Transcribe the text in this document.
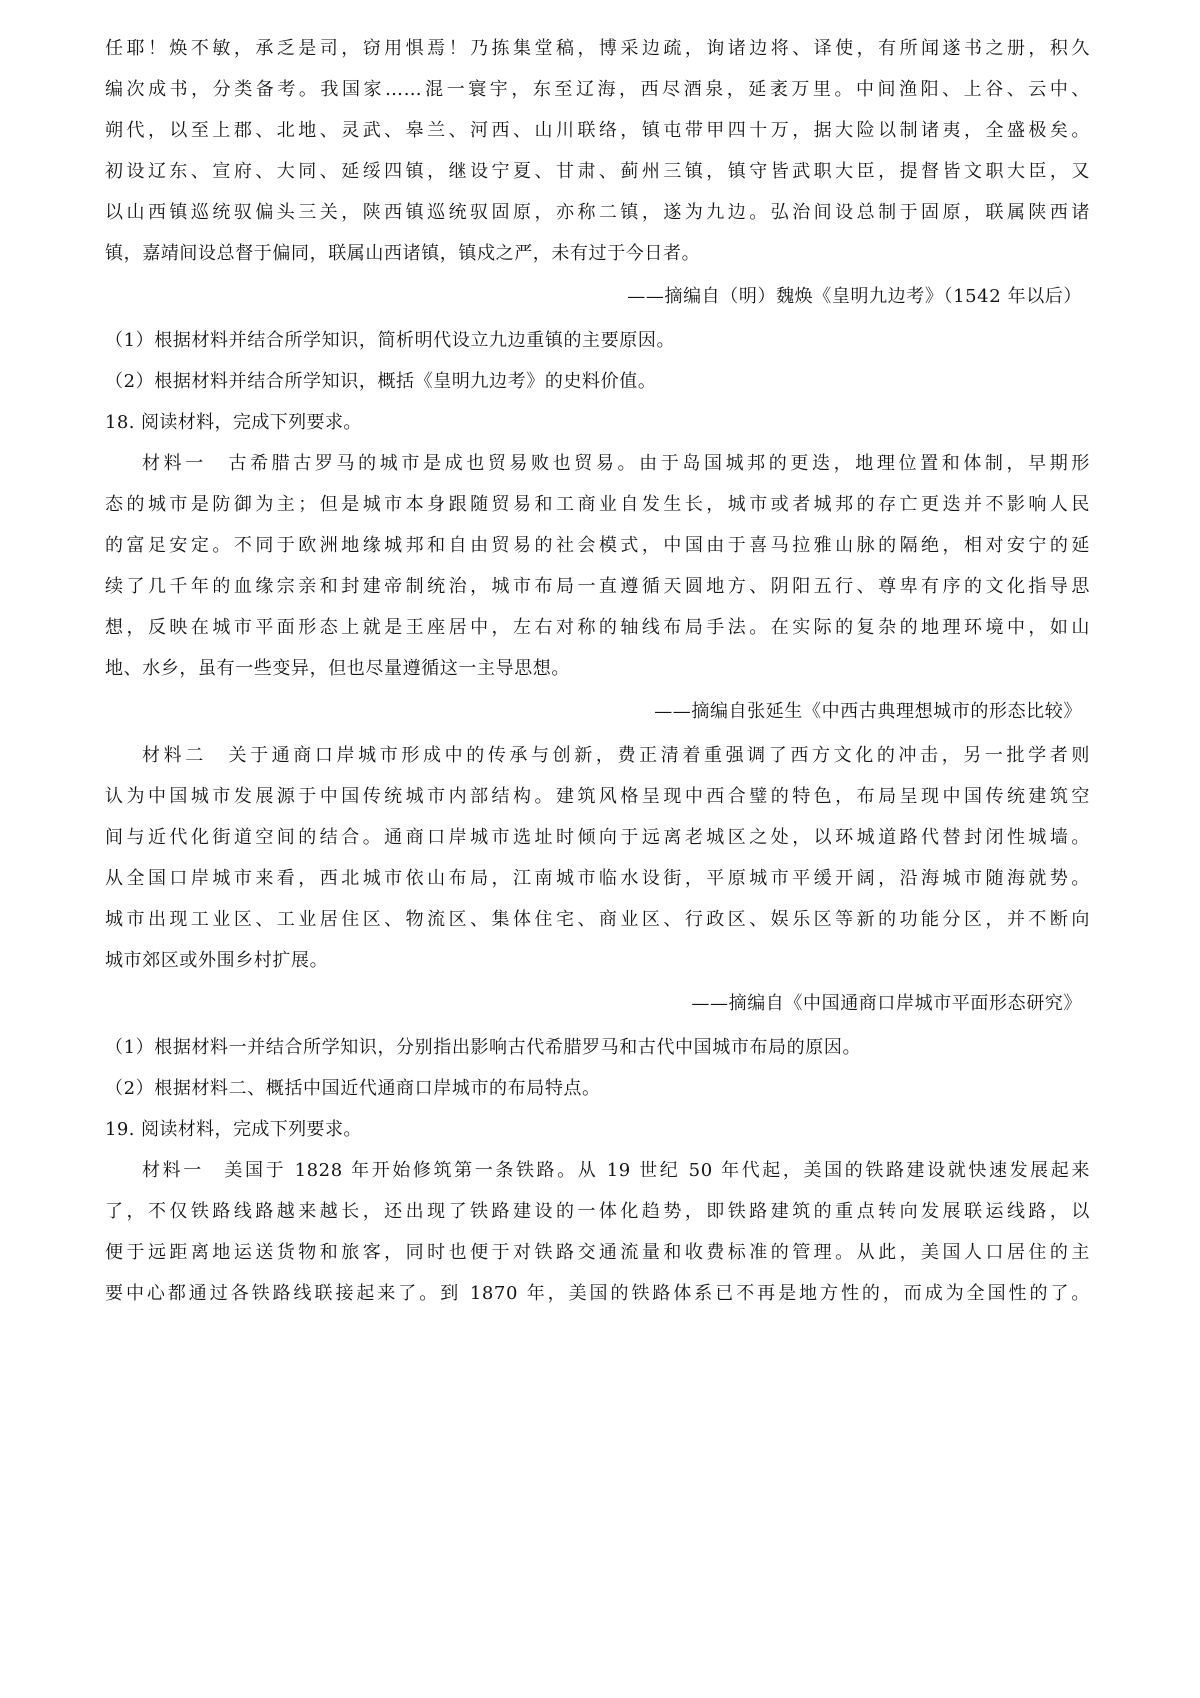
任耶！焕不敏，承乏是司，窃用惧焉！乃拣集堂稿，博采边疏，询诸边将、译使，有所闻遂书之册，积久
编次成书，分类备考。我国家……混一寰宇，东至辽海，西尽酒泉，延袤万里。中间渔阳、上谷、云中、
朔代，以至上郡、北地、灵武、皋兰、河西、山川联络，镇屯带甲四十万，据大险以制诸夷，全盛极矣。
初设辽东、宣府、大同、延绥四镇，继设宁夏、甘肃、蓟州三镇，镇守皆武职大臣，提督皆文职大臣，又
以山西镇巡统驭偏头三关，陕西镇巡统驭固原，亦称二镇，遂为九边。弘治间设总制于固原，联属陕西诸
镇，嘉靖间设总督于偏同，联属山西诸镇，镇戍之严，未有过于今日者。
——摘编自（明）魏焕《皇明九边考》（1542 年以后）
（1）根据材料并结合所学知识，简析明代设立九边重镇的主要原因。
（2）根据材料并结合所学知识，概括《皇明九边考》的史料价值。
18. 阅读材料，完成下列要求。
材料一　古希腊古罗马的城市是成也贸易败也贸易。由于岛国城邦的更迭，地理位置和体制，早期形
态的城市是防御为主；但是城市本身跟随贸易和工商业自发生长，城市或者城邦的存亡更迭并不影响人民
的富足安定。不同于欧洲地缘城邦和自由贸易的社会模式，中国由于喜马拉雅山脉的隔绝，相对安宁的延
续了几千年的血缘宗亲和封建帝制统治，城市布局一直遵循天圆地方、阴阳五行、尊卑有序的文化指导思
想，反映在城市平面形态上就是王座居中，左右对称的轴线布局手法。在实际的复杂的地理环境中，如山
地、水乡，虽有一些变异，但也尽量遵循这一主导思想。
——摘编自张延生《中西古典理想城市的形态比较》
材料二　关于通商口岸城市形成中的传承与创新，费正清着重强调了西方文化的冲击，另一批学者则
认为中国城市发展源于中国传统城市内部结构。建筑风格呈现中西合璧的特色，布局呈现中国传统建筑空
间与近代化街道空间的结合。通商口岸城市选址时倾向于远离老城区之处，以环城道路代替封闭性城墙。
从全国口岸城市来看，西北城市依山布局，江南城市临水设街，平原城市平缓开阔，沿海城市随海就势。
城市出现工业区、工业居住区、物流区、集体住宅、商业区、行政区、娱乐区等新的功能分区，并不断向
城市郊区或外围乡村扩展。
——摘编自《中国通商口岸城市平面形态研究》
（1）根据材料一并结合所学知识，分别指出影响古代希腊罗马和古代中国城市布局的原因。
（2）根据材料二、概括中国近代通商口岸城市的布局特点。
19. 阅读材料，完成下列要求。
材料一　美国于 1828 年开始修筑第一条铁路。从 19 世纪 50 年代起，美国的铁路建设就快速发展起来
了，不仅铁路线路越来越长，还出现了铁路建设的一体化趋势，即铁路建筑的重点转向发展联运线路，以
便于远距离地运送货物和旅客，同时也便于对铁路交通流量和收费标准的管理。从此，美国人口居住的主
要中心都通过各铁路线联接起来了。到 1870 年，美国的铁路体系已不再是地方性的，而成为全国性的了。
